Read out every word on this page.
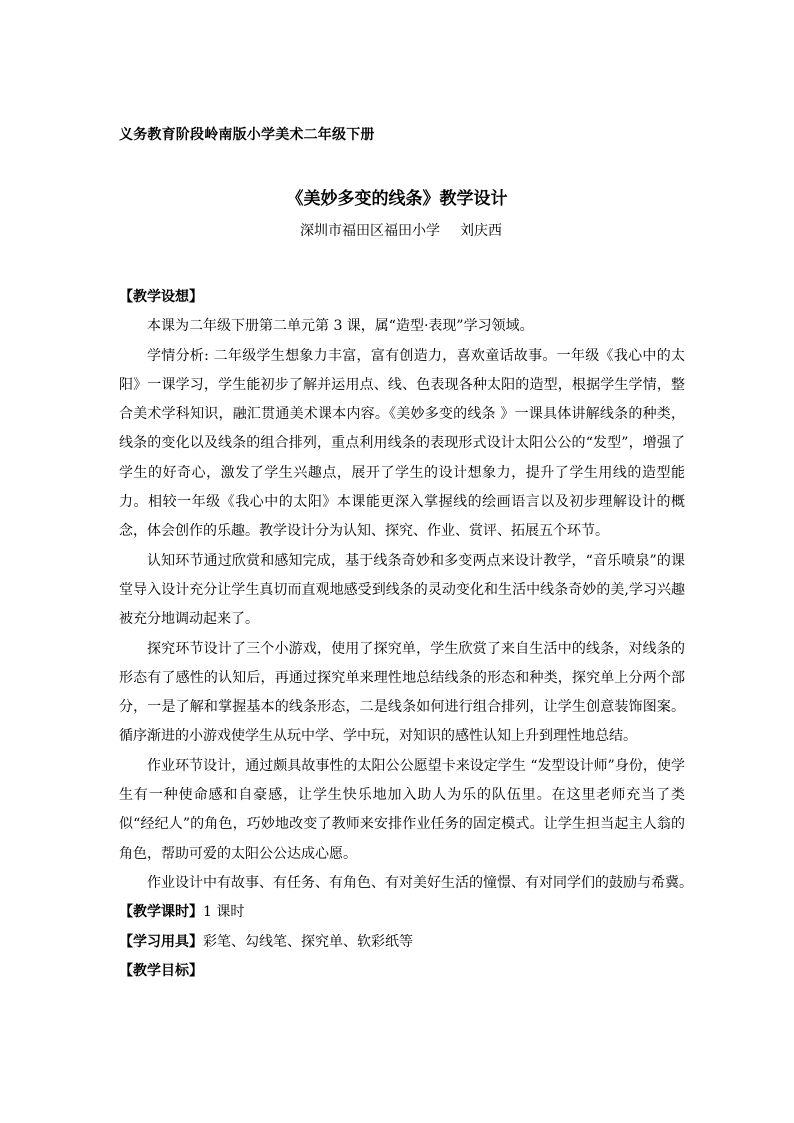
义务教育阶段岭南版小学美术二年级下册
《美妙多变的线条》教学设计
深圳市福田区福田小学 刘庆西
【教学设想】

本课为二年级下册第二单元第 3 课，属“造型·表现”学习领域。

学情分析: 二年级学生想象力丰富，富有创造力，喜欢童话故事。一年级《我心中的太阳》一课学习，学生能初步了解并运用点、线、色表现各种太阳的造型，根据学生学情，整合美术学科知识，融汇贯通美术课本内容。《美妙多变的线条 》一课具体讲解线条的种类，线条的变化以及线条的组合排列，重点利用线条的表现形式设计太阳公公的“发型”，增强了学生的好奇心，激发了学生兴趣点，展开了学生的设计想象力，提升了学生用线的造型能力。相较一年级《我心中的太阳》本课能更深入掌握线的绘画语言以及初步理解设计的概念，体会创作的乐趣。教学设计分为认知、探究、作业、赏评、拓展五个环节。

认知环节通过欣赏和感知完成，基于线条奇妙和多变两点来设计教学，“音乐喷泉”的课堂导入设计充分让学生真切而直观地感受到线条的灵动变化和生活中线条奇妙的美,学习兴趣被充分地调动起来了。

探究环节设计了三个小游戏，使用了探究单，学生欣赏了来自生活中的线条，对线条的形态有了感性的认知后，再通过探究单来理性地总结线条的形态和种类，探究单上分两个部分，一是了解和掌握基本的线条形态，二是线条如何进行组合排列，让学生创意装饰图案。循序渐进的小游戏使学生从玩中学、学中玩，对知识的感性认知上升到理性地总结。

作业环节设计，通过颇具故事性的太阳公公愿望卡来设定学生 “发型设计师”身份，使学生有一种使命感和自豪感，让学生快乐地加入助人为乐的队伍里。在这里老师充当了类似“经纪人”的角色，巧妙地改变了教师来安排作业任务的固定模式。让学生担当起主人翁的角色，帮助可爱的太阳公公达成心愿。

作业设计中有故事、有任务、有角色、有对美好生活的憧憬、有对同学们的鼓励与希冀。

【教学课时】1 课时
【学习用具】彩笔、勾线笔、探究单、软彩纸等
【教学目标】
